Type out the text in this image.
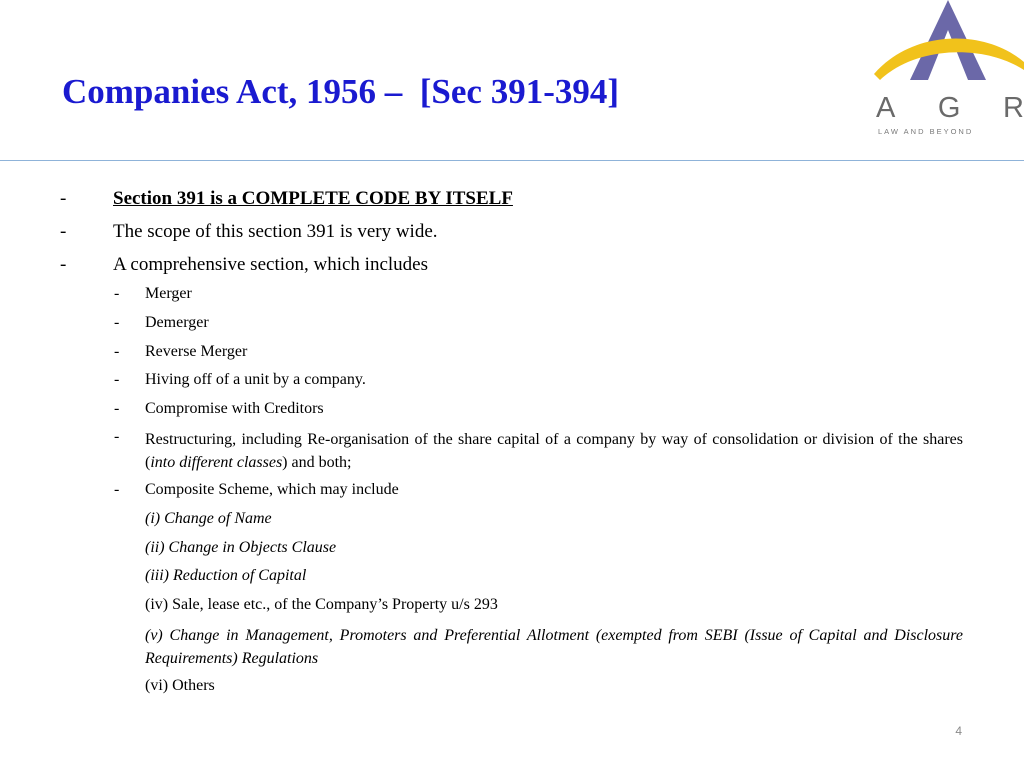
Companies Act, 1956 –  [Sec 391-394]	A G R
LAW AND BEYOND
- Section 391 is a COMPLETE CODE BY ITSELF
- The scope of this section 391 is very wide.
- A comprehensive section, which includes
- Merger
- Demerger
- Reverse Merger
- Hiving off of a unit by a company.
- Compromise with Creditors
- Restructuring, including Re-organisation of the share capital of a company by way of consolidation or division of the shares (into different classes) and both;
- Composite Scheme, which may include
(i) Change of Name
(ii) Change in Objects Clause
(iii) Reduction of Capital
(iv) Sale, lease etc., of the Company’s Property u/s 293
(v) Change in Management, Promoters and Preferential Allotment (exempted from SEBI (Issue of Capital and Disclosure Requirements) Regulations
(vi) Others
4
